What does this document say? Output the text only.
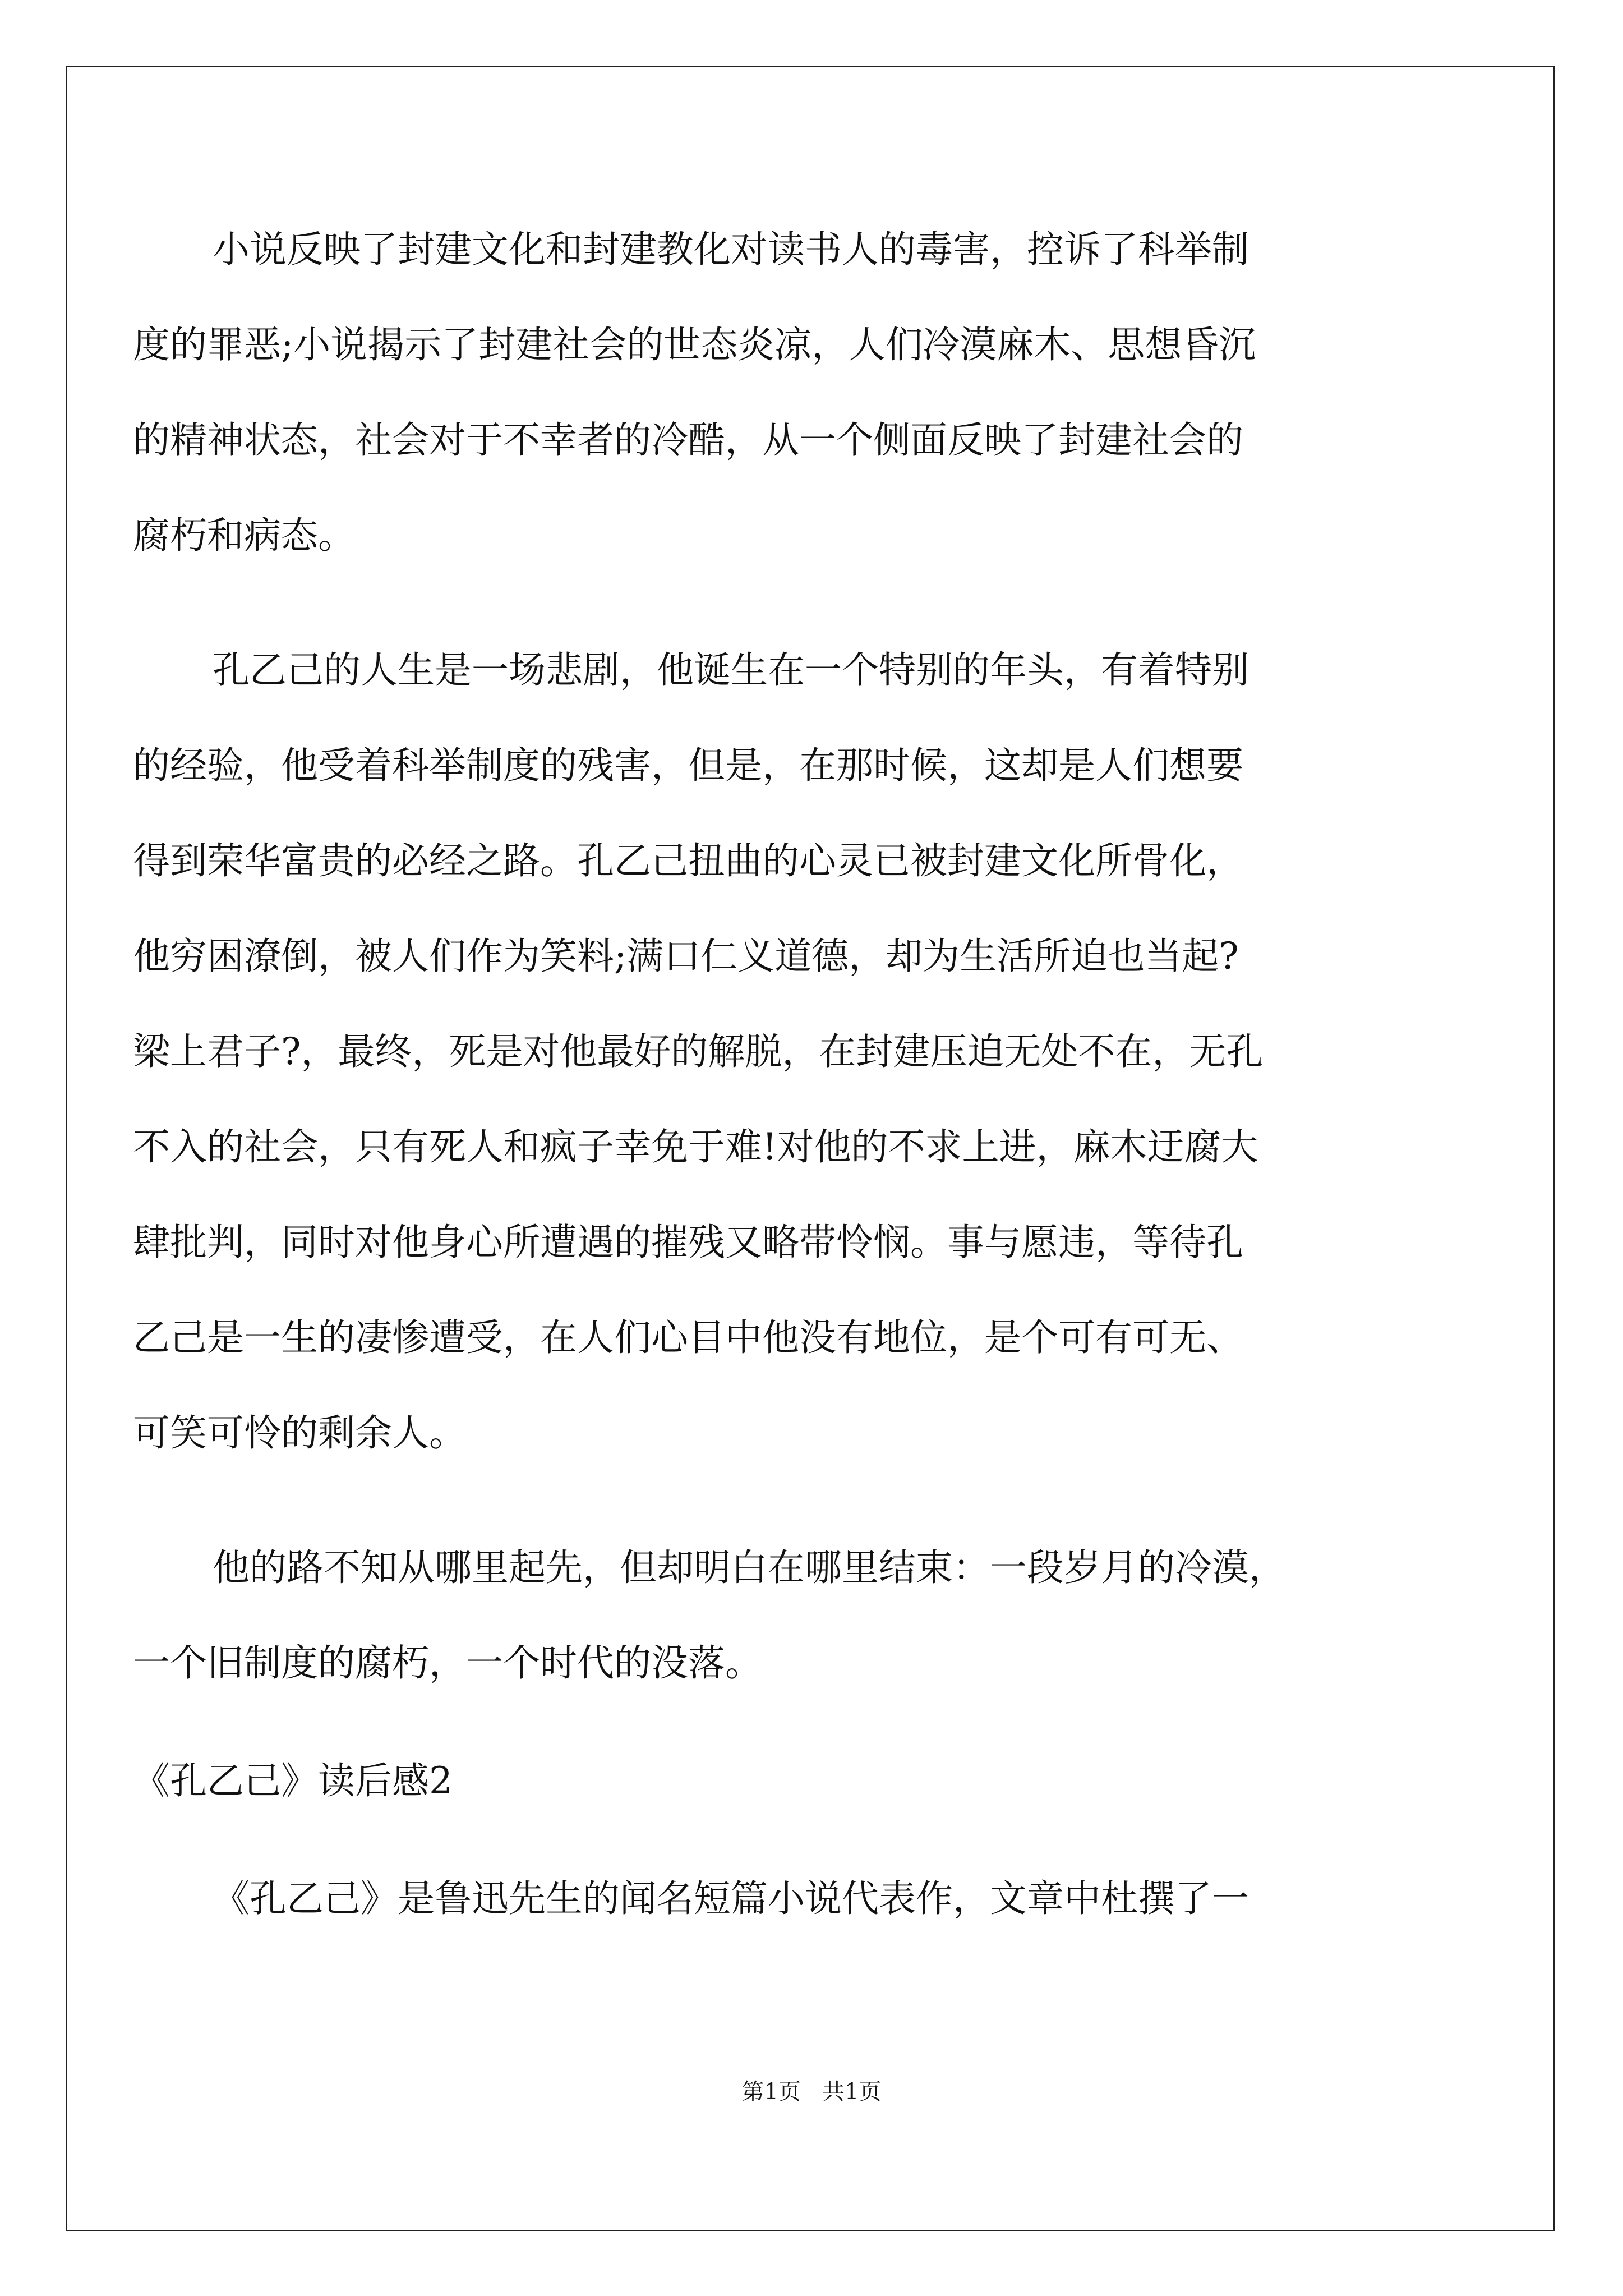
小说反映了封建文化和封建教化对读书人的毒害，控诉了科举制
度的罪恶;小说揭示了封建社会的世态炎凉，人们冷漠麻木、思想昏沉
的精神状态，社会对于不幸者的冷酷，从一个侧面反映了封建社会的
腐朽和病态。
孔乙己的人生是一场悲剧，他诞生在一个特别的年头，有着特别
的经验，他受着科举制度的残害，但是，在那时候，这却是人们想要
得到荣华富贵的必经之路。孔乙己扭曲的心灵已被封建文化所骨化，
他穷困潦倒，被人们作为笑料;满口仁义道德，却为生活所迫也当起?
梁上君子?，最终，死是对他最好的解脱，在封建压迫无处不在，无孔
不入的社会，只有死人和疯子幸免于难!对他的不求上进，麻木迂腐大
肆批判，同时对他身心所遭遇的摧残又略带怜悯。事与愿违，等待孔
乙己是一生的凄惨遭受，在人们心目中他没有地位，是个可有可无、
可笑可怜的剩余人。
他的路不知从哪里起先，但却明白在哪里结束：一段岁月的冷漠，
一个旧制度的腐朽，一个时代的没落。
《孔乙己》读后感2
《孔乙己》是鲁迅先生的闻名短篇小说代表作，文章中杜撰了一
第1页   共1页
